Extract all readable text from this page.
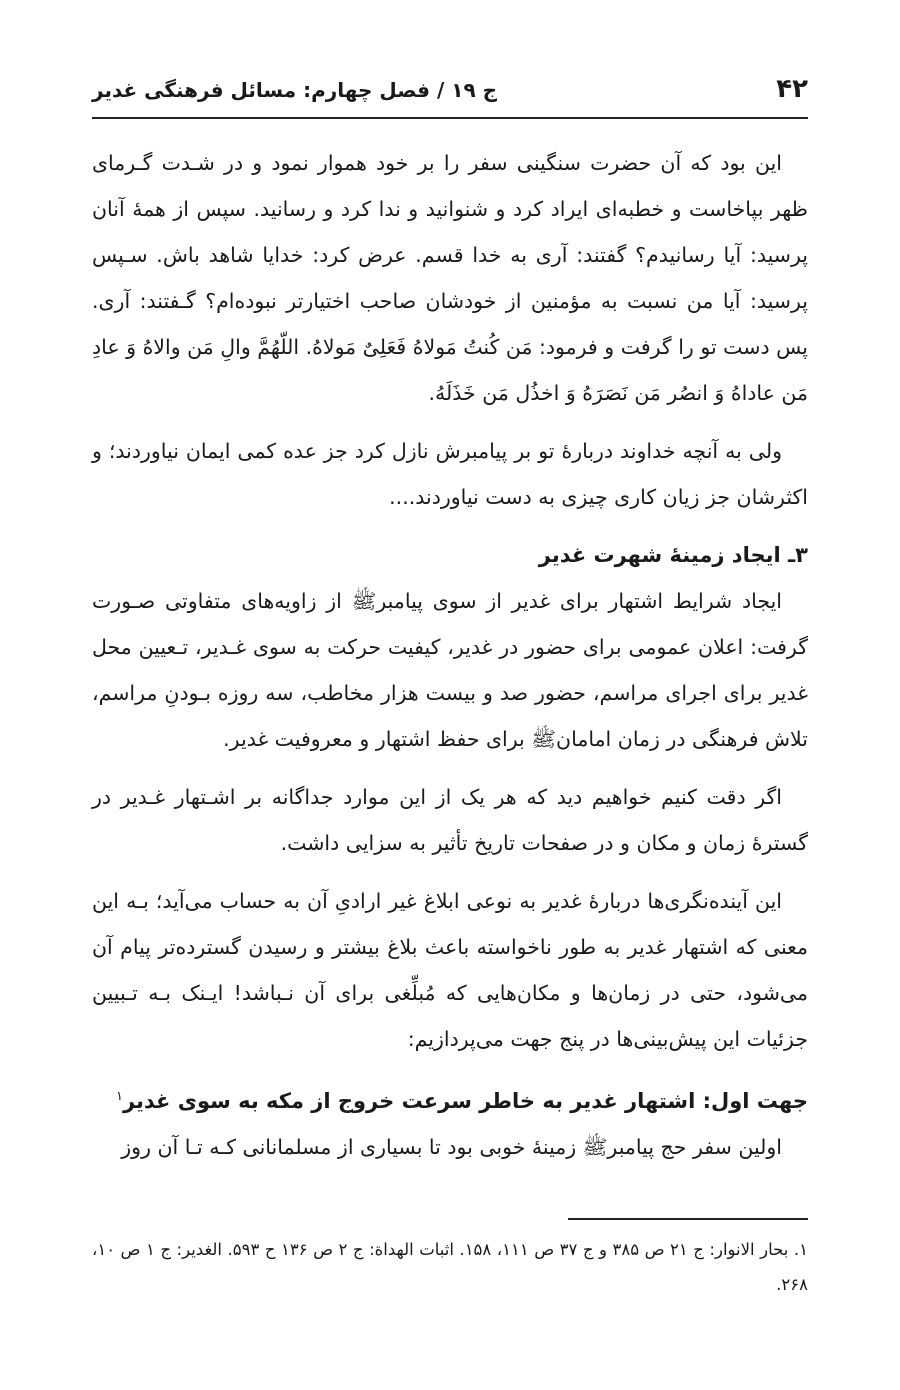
۴۲
ج ۱۹ / فصل چهارم: مسائل فرهنگی غدیر

این بود که آن حضرت سنگینی سفر را بر خود هموار نمود و در شـدت گـرمای ظهر بپاخاست و خطبه‌ای ایراد کرد و شنوانید و ندا کرد و رسانید. سپس از همهٔ آنان پرسید: آیا رسانیدم؟ گفتند: آری به خدا قسم. عرض کرد: خدایا شاهد باش. سـپس پرسید: آیا من نسبت به مؤمنین از خودشان صاحب اختیارتر نبوده‌ام؟ گـفتند: آری. پس دست تو را گرفت و فرمود: مَن کُنتُ مَولاهُ فَعَلِیٌ مَولاهُ. اللّهُمَّ والِ مَن والاهُ وَ عادِ مَن عاداهُ وَ انصُر مَن نَصَرَهُ وَ اخذُل مَن خَذَلَهُ.

ولی به آنچه خداوند دربارهٔ تو بر پیامبرش نازل کرد جز عده کمی ایمان نیاوردند؛ و اکثرشان جز زیان کاری چیزی به دست نیاوردند....

۳ـ ایجاد زمینهٔ شهرت غدیر

ایجاد شرایط اشتهار برای غدیر از سوی پیامبرﷺ از زاویه‌های متفاوتی صـورت گرفت: اعلان عمومی برای حضور در غدیر، کیفیت حرکت به سوی غـدیر، تـعیین محل غدیر برای اجرای مراسم، حضور صد و بیست هزار مخاطب، سه روزه بـودنِ مراسم، تلاش فرهنگی در زمان امامان‌ﷺ برای حفظ اشتهار و معروفیت غدیر.

اگر دقت کنیم خواهیم دید که هر یک از این موارد جداگانه بر اشـتهار غـدیر در گسترهٔ زمان و مکان و در صفحات تاریخ تأثیر به سزایی داشت.

این آینده‌نگری‌ها دربارهٔ غدیر به نوعی ابلاغ غیر ارادیِ آن به حساب می‌آید؛ بـه این معنی که اشتهار غدیر به طور ناخواسته باعث بلاغ بیشتر و رسیدن گسترده‌تر پیام آن می‌شود، حتی در زمان‌ها و مکان‌هایی که مُبلِّغی برای آن نـباشد! ایـنک بـه تـبیین جزئیات این پیش‌بینی‌ها در پنج جهت می‌پردازیم:

جهت اول: اشتهار غدیر به خاطر سرعت خروج از مکه به سوی غدیر$^۱$

اولین سفر حج پیامبرﷺ زمینهٔ خوبی بود تا بسیاری از مسلمانانی کـه تـا آن روز

۱. بحار الانوار: ج ۲۱ ص ۳۸۵ و ج ۳۷ ص ۱۱۱، ۱۵۸. اثبات الهداة: ج ۲ ص ۱۳۶ ح ۵۹۳. الغدیر: ج ۱ ص ۱۰، ۲۶۸.
